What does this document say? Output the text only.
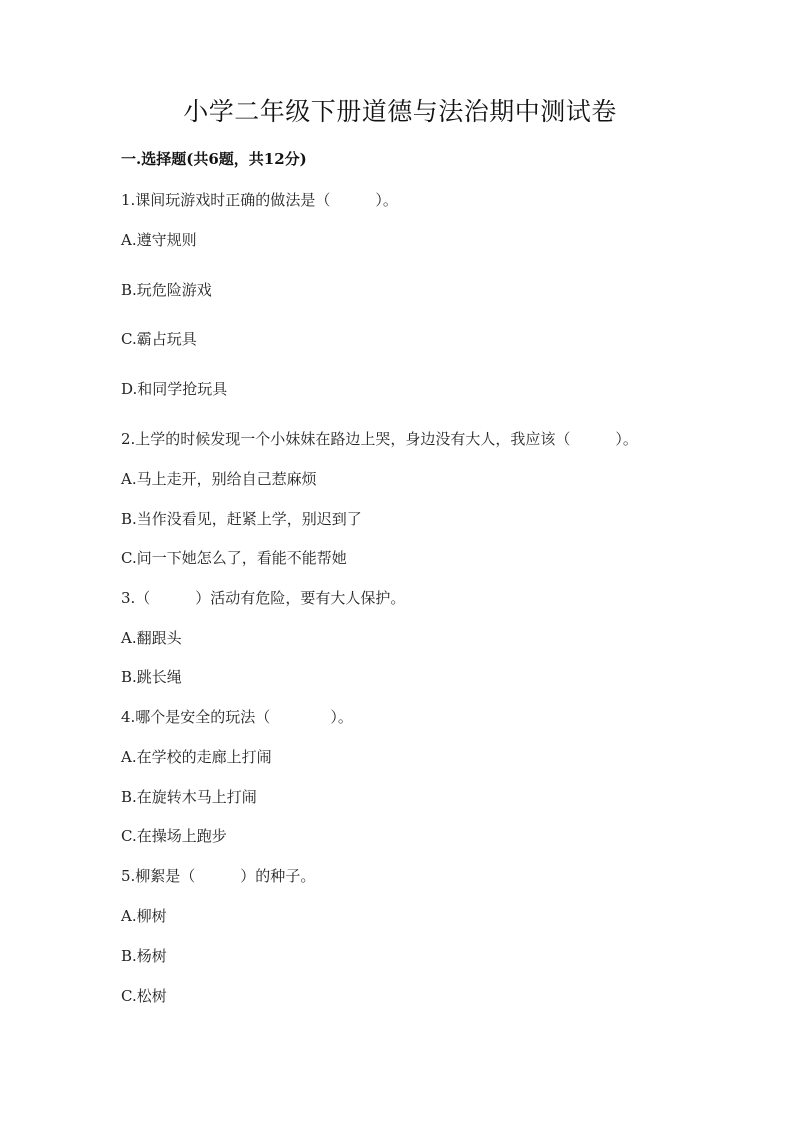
小学二年级下册道德与法治期中测试卷
一.选择题(共6题，共12分)
1.课间玩游戏时正确的做法是（　　　）。
A.遵守规则
B.玩危险游戏
C.霸占玩具
D.和同学抢玩具
2.上学的时候发现一个小妹妹在路边上哭，身边没有大人，我应该（　　　）。
A.马上走开，别给自己惹麻烦
B.当作没看见，赶紧上学，别迟到了
C.问一下她怎么了，看能不能帮她
3.（　　　）活动有危险，要有大人保护。
A.翻跟头
B.跳长绳
4.哪个是安全的玩法（　　　　）。
A.在学校的走廊上打闹
B.在旋转木马上打闹
C.在操场上跑步
5.柳絮是（　　　）的种子。
A.柳树
B.杨树
C.松树
